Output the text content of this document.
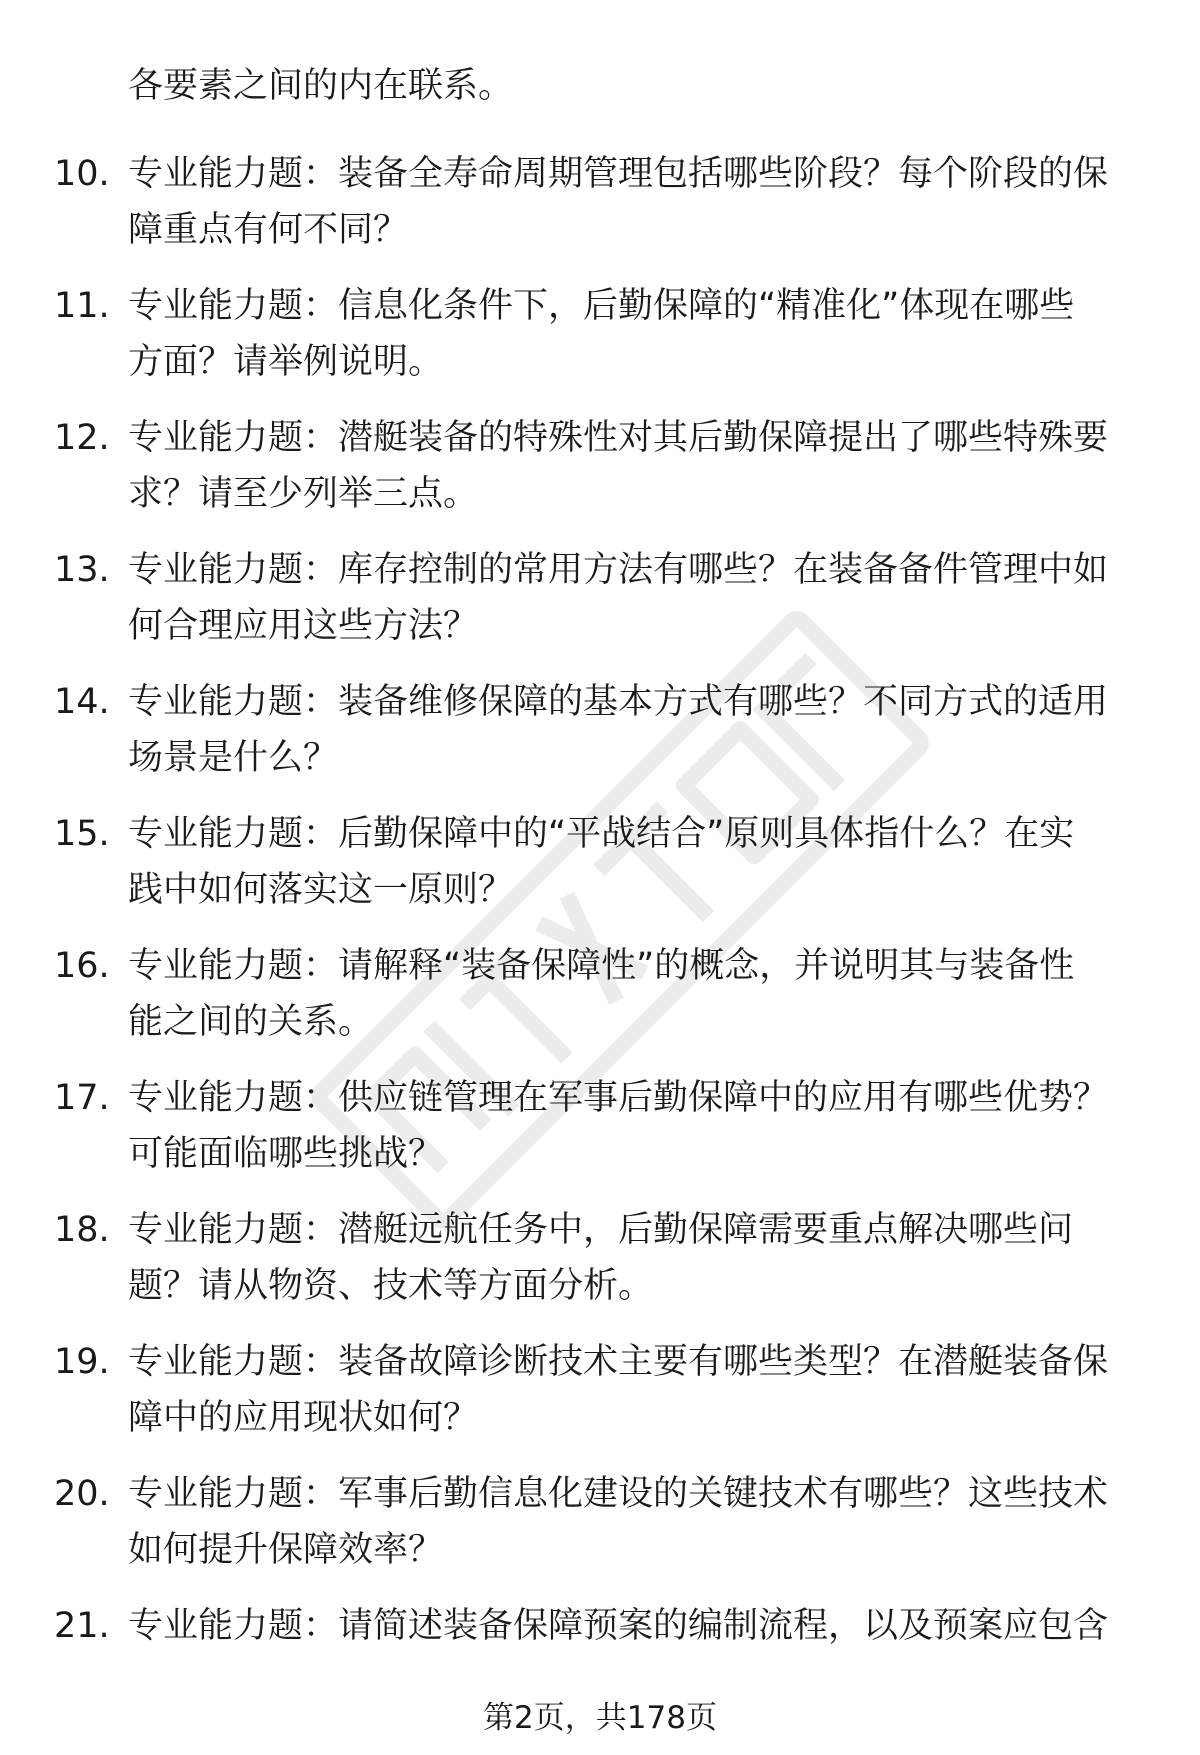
各要素之间的内在联系。
10. 专业能力题：装备全寿命周期管理包括哪些阶段？每个阶段的保
障重点有何不同？
11. 专业能力题：信息化条件下，后勤保障的“精准化”体现在哪些
方面？请举例说明。
12. 专业能力题：潜艇装备的特殊性对其后勤保障提出了哪些特殊要
求？请至少列举三点。
13. 专业能力题：库存控制的常用方法有哪些？在装备备件管理中如
何合理应用这些方法？
14. 专业能力题：装备维修保障的基本方式有哪些？不同方式的适用
场景是什么？
15. 专业能力题：后勤保障中的“平战结合”原则具体指什么？在实
践中如何落实这一原则？
16. 专业能力题：请解释“装备保障性”的概念，并说明其与装备性
能之间的关系。
17. 专业能力题：供应链管理在军事后勤保障中的应用有哪些优势？
可能面临哪些挑战？
18. 专业能力题：潜艇远航任务中，后勤保障需要重点解决哪些问
题？请从物资、技术等方面分析。
19. 专业能力题：装备故障诊断技术主要有哪些类型？在潜艇装备保
障中的应用现状如何？
20. 专业能力题：军事后勤信息化建设的关键技术有哪些？这些技术
如何提升保障效率？
21. 专业能力题：请简述装备保障预案的编制流程，以及预案应包含
第2页，共178页
